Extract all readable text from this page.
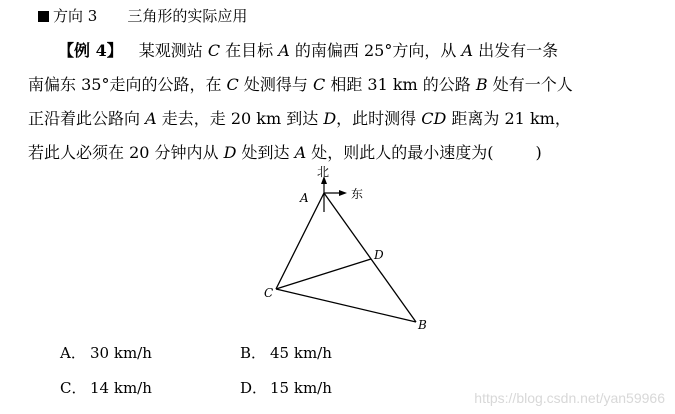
方向 3 三角形的实际应用
【例 4】 某观测站 C 在目标 A 的南偏西 25°方向，从 A 出发有一条
南偏东 35°走向的公路，在 C 处测得与 C 相距 31 km 的公路 B 处有一个人
正沿着此公路向 A 走去，走 20 km 到达 D，此时测得 CD 距离为 21 km，
若此人必须在 20 分钟内从 D 处到达 A 处，则此人的最小速度为(	)
北
东
A
D
C
B
A． 30 km/h	B． 45 km/h
C． 14 km/h	D． 15 km/h
https://blog.csdn.net/yan59966
